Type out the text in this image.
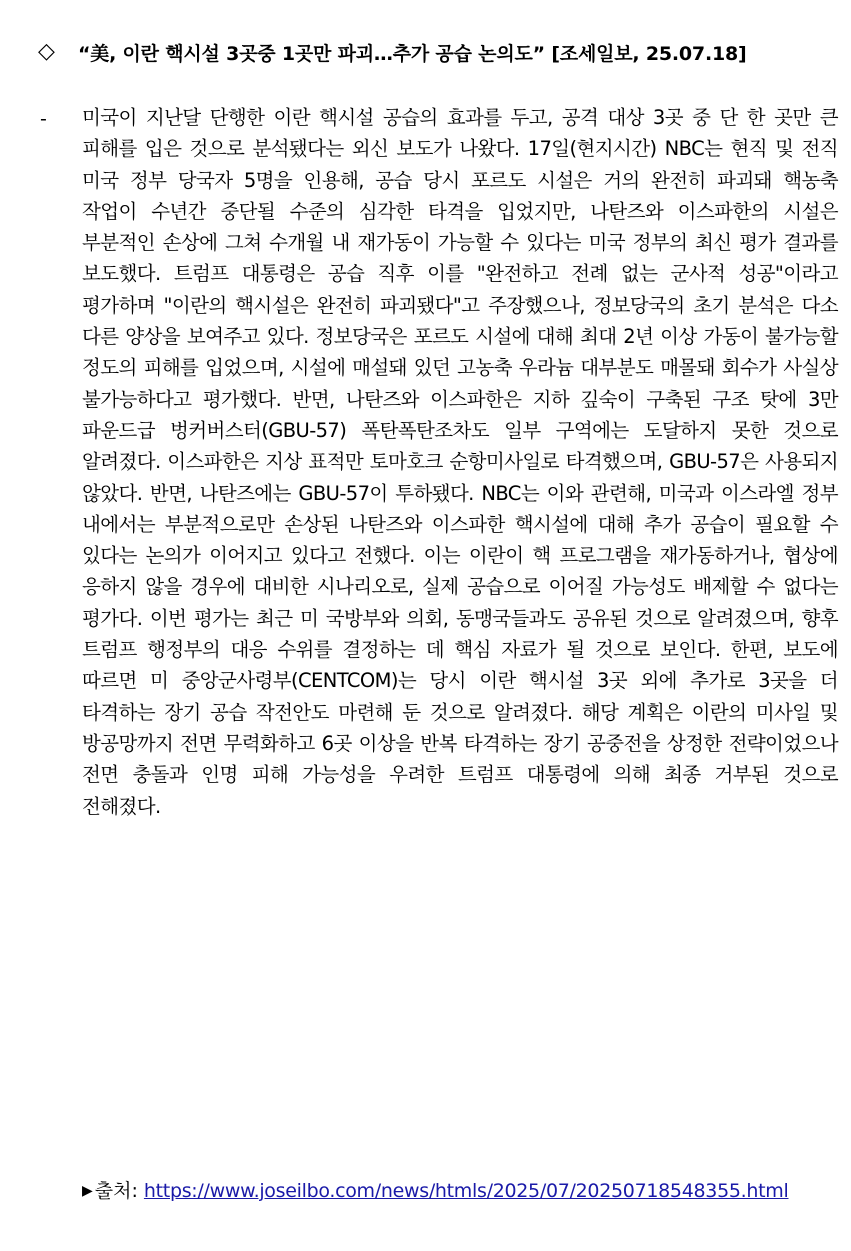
◇	“美, 이란 핵시설 3곳중 1곳만 파괴…추가 공습 논의도” [조세일보, 25.07.18]
- 미국이 지난달 단행한 이란 핵시설 공습의 효과를 두고, 공격 대상 3곳 중 단 한 곳만 큰 피해를 입은 것으로 분석됐다는 외신 보도가 나왔다. 17일(현지시간) NBC는 현직 및 전직 미국 정부 당국자 5명을 인용해, 공습 당시 포르도 시설은 거의 완전히 파괴돼 핵농축 작업이 수년간 중단될 수준의 심각한 타격을 입었지만, 나탄즈와 이스파한의 시설은 부분적인 손상에 그쳐 수개월 내 재가동이 가능할 수 있다는 미국 정부의 최신 평가 결과를 보도했다. 트럼프 대통령은 공습 직후 이를 "완전하고 전례 없는 군사적 성공"이라고 평가하며 "이란의 핵시설은 완전히 파괴됐다"고 주장했으나, 정보당국의 초기 분석은 다소 다른 양상을 보여주고 있다. 정보당국은 포르도 시설에 대해 최대 2년 이상 가동이 불가능할 정도의 피해를 입었으며, 시설에 매설돼 있던 고농축 우라늄 대부분도 매몰돼 회수가 사실상 불가능하다고 평가했다. 반면, 나탄즈와 이스파한은 지하 깊숙이 구축된 구조 탓에 3만 파운드급 벙커버스터(GBU-57) 폭탄폭탄조차도 일부 구역에는 도달하지 못한 것으로 알려졌다. 이스파한은 지상 표적만 토마호크 순항미사일로 타격했으며, GBU-57은 사용되지 않았다. 반면, 나탄즈에는 GBU-57이 투하됐다. NBC는 이와 관련해, 미국과 이스라엘 정부 내에서는 부분적으로만 손상된 나탄즈와 이스파한 핵시설에 대해 추가 공습이 필요할 수 있다는 논의가 이어지고 있다고 전했다. 이는 이란이 핵 프로그램을 재가동하거나, 협상에 응하지 않을 경우에 대비한 시나리오로, 실제 공습으로 이어질 가능성도 배제할 수 없다는 평가다. 이번 평가는 최근 미 국방부와 의회, 동맹국들과도 공유된 것으로 알려졌으며, 향후 트럼프 행정부의 대응 수위를 결정하는 데 핵심 자료가 될 것으로 보인다. 한편, 보도에 따르면 미 중앙군사령부(CENTCOM)는 당시 이란 핵시설 3곳 외에 추가로 3곳을 더 타격하는 장기 공습 작전안도 마련해 둔 것으로 알려졌다. 해당 계획은 이란의 미사일 및 방공망까지 전면 무력화하고 6곳 이상을 반복 타격하는 장기 공중전을 상정한 전략이었으나 전면 충돌과 인명 피해 가능성을 우려한 트럼프 대통령에 의해 최종 거부된 것으로 전해졌다.
▶ 출처: https://www.joseilbo.com/news/htmls/2025/07/20250718548355.html
